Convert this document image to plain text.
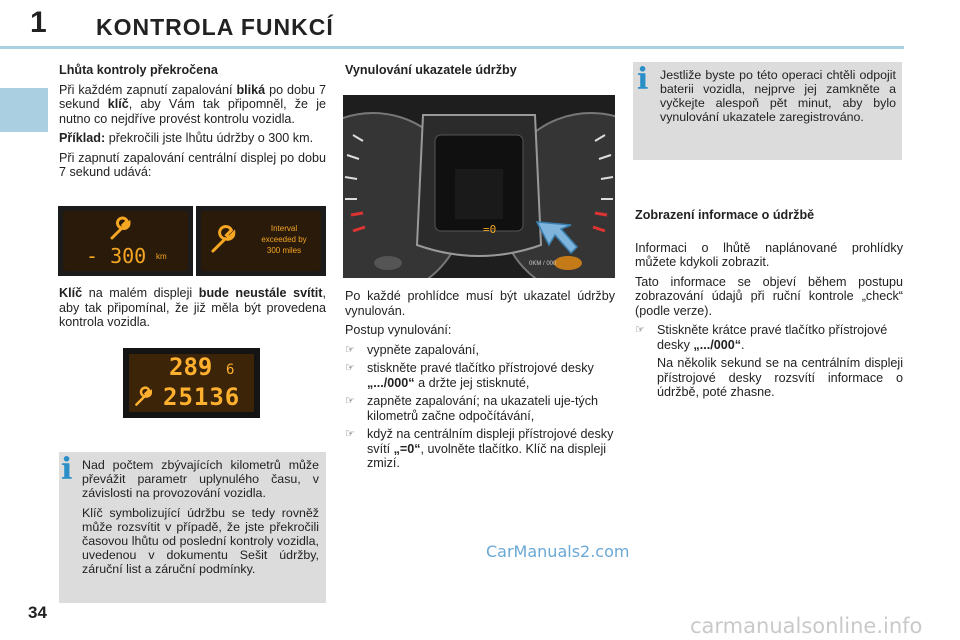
1 KONTROLA FUNKCÍ

Lhůta kontroly překročena

Při každém zapnutí zapalování bliká po dobu 7 sekund klíč, aby Vám tak připomněl, že je nutno co nejdříve provést kontrolu vozidla.

Příklad: překročili jste lhůtu údržby o 300 km.

Při zapnutí zapalování centrální displej po dobu 7 sekund udává:

- 300 km
Interval
exceeded by
300 miles

Klíč na malém displeji bude neustále svítit, aby tak připomínal, že již měla být provedena kontrola vozidla.

289 6
25136
i Nad počtem zbývajících kilometrů může převážit parametr uplynulého času, v závislosti na provozování vozidla.

Klíč symbolizující údržbu se tedy rovněž může rozsvítit v případě, že jste překročili časovou lhůtu od poslední kontroly vozidla, uvedenou v dokumentu Sešit údržby, záruční list a záruční podmínky.

Vynulování ukazatele údržby

=0
0KM / 000

Po každé prohlídce musí být ukazatel údržby vynulován.

Postup vynulování:

☞ vypněte zapalování,
☞ stiskněte pravé tlačítko přístrojové desky „.../000“ a držte jej stisknuté,
☞ zapněte zapalování; na ukazateli uje-tých kilometrů začne odpočítávání,
☞ když na centrálním displeji přístrojové desky svítí „=0“, uvolněte tlačítko. Klíč na displeji zmizí.
i Jestliže byste po této operaci chtěli odpojit baterii vozidla, nejprve jej zamkněte a vyčkejte alespoň pět minut, aby bylo vynulování ukazatele zaregistrováno.

Zobrazení informace o údržbě

Informaci o lhůtě naplánované prohlídky můžete kdykoli zobrazit.

Tato informace se objeví během postupu zobrazování údajů při ruční kontrole „check“ (podle verze).

☞ Stiskněte krátce pravé tlačítko přístrojové desky „.../000“.

Na několik sekund se na centrálním displeji přístrojové desky rozsvítí informace o údržbě, poté zhasne.

34
CarManuals2.com
carmanualsonline.info
